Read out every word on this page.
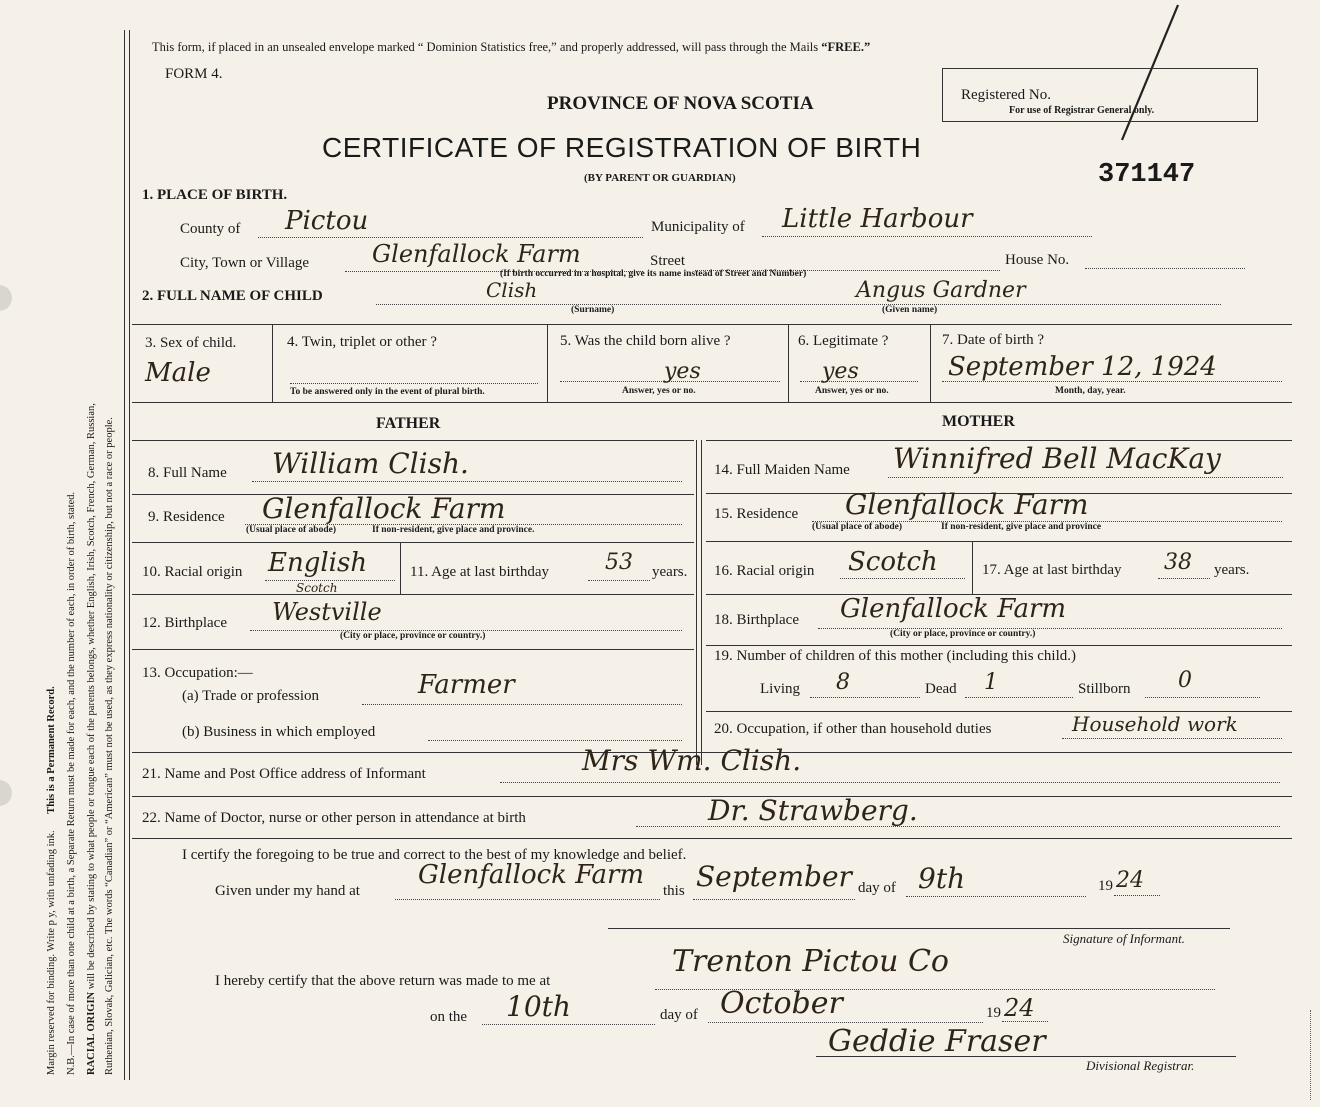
Margin reserved for binding. Write p y, with unfading ink. This is a Permanent Record. N.B.—In case of more than one child at a birth, a Separate Return must be made for each, and the number of each, in order of birth, stated. RACIAL ORIGIN will be described by stating to what people or tongue each of the parents belongs, whether English, Irish, Scotch, French, German, Russian, Ruthenian, Slovak, Galician, etc. The words “Canadian” or “American” must not be used, as they express nationality or citizenship, but not a race or people.
This form, if placed in an unsealed envelope marked “ Dominion Statistics free,” and properly addressed, will pass through the Mails “FREE.”
FORM 4.
PROVINCE OF NOVA SCOTIA
CERTIFICATE OF REGISTRATION OF BIRTH
(BY PARENT OR GUARDIAN)
Registered No.
For use of Registrar General only.
371147
1. PLACE OF BIRTH.
County of Pictou	Municipality of Little Harbour
City, Town or Village	Glenfallock Farm	Street	House No.
(If birth occurred in a hospital, give its name instead of Street and Number)
2. FULL NAME OF CHILD	Clish
(Surname)
Angus Gardner
(Given name)
3. Sex of child.
Male
4. Twin, triplet or other ?
To be answered only in the event of plural birth.
5. Was the child born alive ?
yes
Answer, yes or no.
6. Legitimate ?
yes
Answer, yes or no.
7. Date of birth ?
September 12, 1924
Month, day, year.
FATHER	MOTHER
8. Full Name William Clish.
9. Residence Glenfallock Farm
(Usual place of abode)	If non-resident, give place and province.
10. Racial origin English
Scotch
11. Age at last birthday	53 years.
12. Birthplace Westville
(City or place, province or country.)
13. Occupation:—
(a) Trade or profession	Farmer
(b) Business in which employed
14. Full Maiden Name Winnifred Bell MacKay
15. Residence Glenfallock Farm
(Usual place of abode)	If non-resident, give place and province
16. Racial origin Scotch	17. Age at last birthday 38 years.
18. Birthplace Glenfallock Farm
(City or place, province or country.)
19. Number of children of this mother (including this child.)
Living 8	Dead 1	Stillborn 0
20. Occupation, if other than household duties	Household work
21. Name and Post Office address of Informant	Mrs Wm. Clish.
22. Name of Doctor, nurse or other person in attendance at birth	Dr. Strawberg.
I certify the foregoing to be true and correct to the best of my knowledge and belief.
Given under my hand at
Glenfallock Farm
this September day of 9th	19 24
Signature of Informant.
I hereby certify that the above return was made to me at
Trenton Pictou Co
on the 10th	day of October	19 24
Geddie Fraser
Divisional Registrar.
